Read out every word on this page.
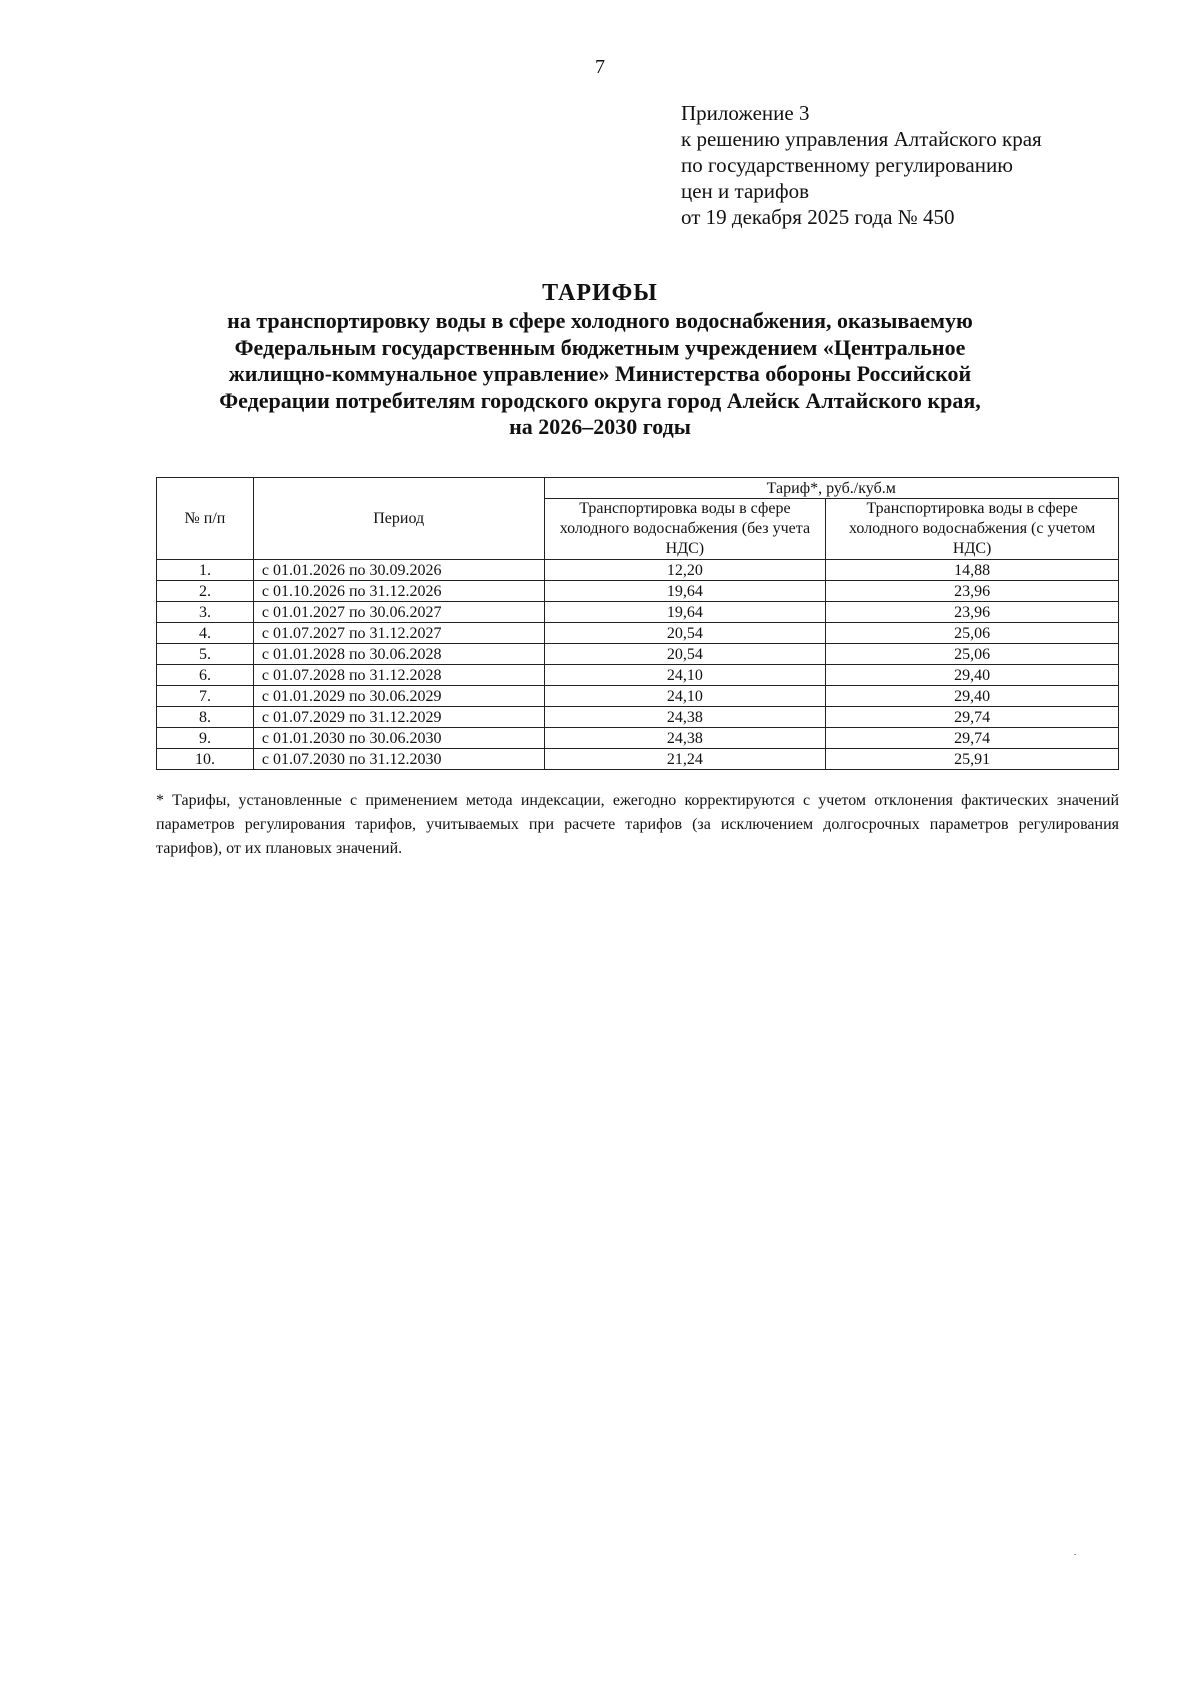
7
Приложение 3
к решению управления Алтайского края
по государственному регулированию
цен и тарифов
от 19 декабря 2025 года № 450
ТАРИФЫ
на транспортировку воды в сфере холодного водоснабжения, оказываемую
Федеральным государственным бюджетным учреждением «Центральное
жилищно-коммунальное управление» Министерства обороны Российской
Федерации потребителям городского округа город Алейск Алтайского края,
на 2026–2030 годы
№ п/п	Период	Тариф*, руб./куб.м	
		Транспортировка воды в сфере холодного водоснабжения (без учета НДС)	Транспортировка воды в сфере холодного водоснабжения (с учетом НДС)
1.	с 01.01.2026 по 30.09.2026	12,20	14,88
2.	с 01.10.2026 по 31.12.2026	19,64	23,96
3.	с 01.01.2027 по 30.06.2027	19,64	23,96
4.	с 01.07.2027 по 31.12.2027	20,54	25,06
5.	с 01.01.2028 по 30.06.2028	20,54	25,06
6.	с 01.07.2028 по 31.12.2028	24,10	29,40
7.	с 01.01.2029 по 30.06.2029	24,10	29,40
8.	с 01.07.2029 по 31.12.2029	24,38	29,74
9.	с 01.01.2030 по 30.06.2030	24,38	29,74
10.	с 01.07.2030 по 31.12.2030	21,24	25,91
* Тарифы, установленные с применением метода индексации, ежегодно корректируются с учетом отклонения фактических значений параметров регулирования тарифов, учитываемых при расчете тарифов (за исключением долгосрочных параметров регулирования тарифов), от их плановых значений.
